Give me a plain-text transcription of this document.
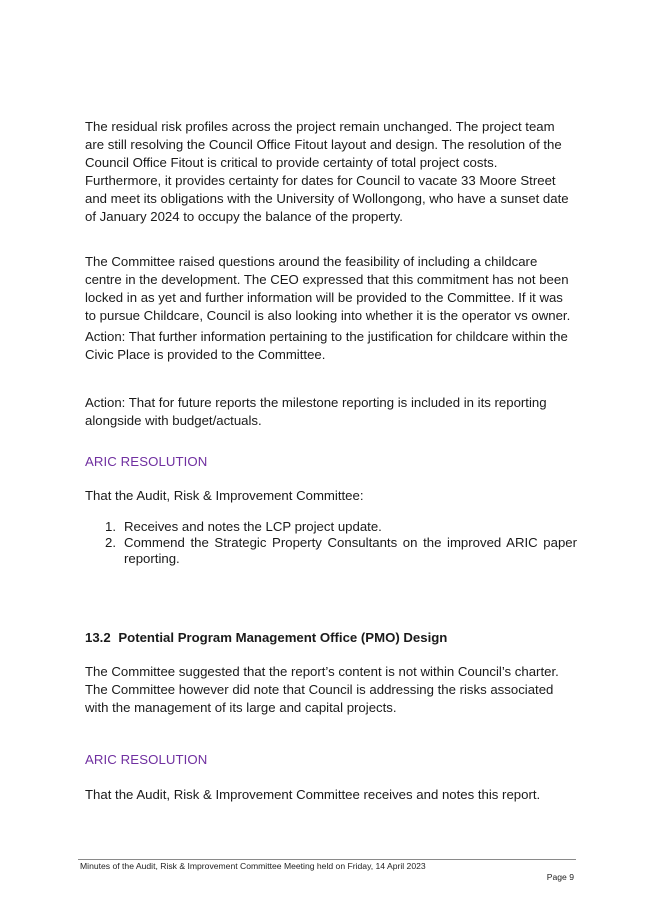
The residual risk profiles across the project remain unchanged. The project team are still resolving the Council Office Fitout layout and design. The resolution of the Council Office Fitout is critical to provide certainty of total project costs. Furthermore, it provides certainty for dates for Council to vacate 33 Moore Street and meet its obligations with the University of Wollongong, who have a sunset date of January 2024 to occupy the balance of the property.

The Committee raised questions around the feasibility of including a childcare centre in the development. The CEO expressed that this commitment has not been locked in as yet and further information will be provided to the Committee. If it was to pursue Childcare, Council is also looking into whether it is the operator vs owner.

Action: That further information pertaining to the justification for childcare within the Civic Place is provided to the Committee.

Action: That for future reports the milestone reporting is included in its reporting alongside with budget/actuals.

ARIC RESOLUTION

That the Audit, Risk & Improvement Committee:

1. Receives and notes the LCP project update.
2. Commend the Strategic Property Consultants on the improved ARIC paper reporting.

13.2 Potential Program Management Office (PMO) Design

The Committee suggested that the report’s content is not within Council’s charter. The Committee however did note that Council is addressing the risks associated with the management of its large and capital projects.

ARIC RESOLUTION

That the Audit, Risk & Improvement Committee receives and notes this report.

Minutes of the Audit, Risk & Improvement Committee Meeting held on Friday, 14 April 2023
Page 9
